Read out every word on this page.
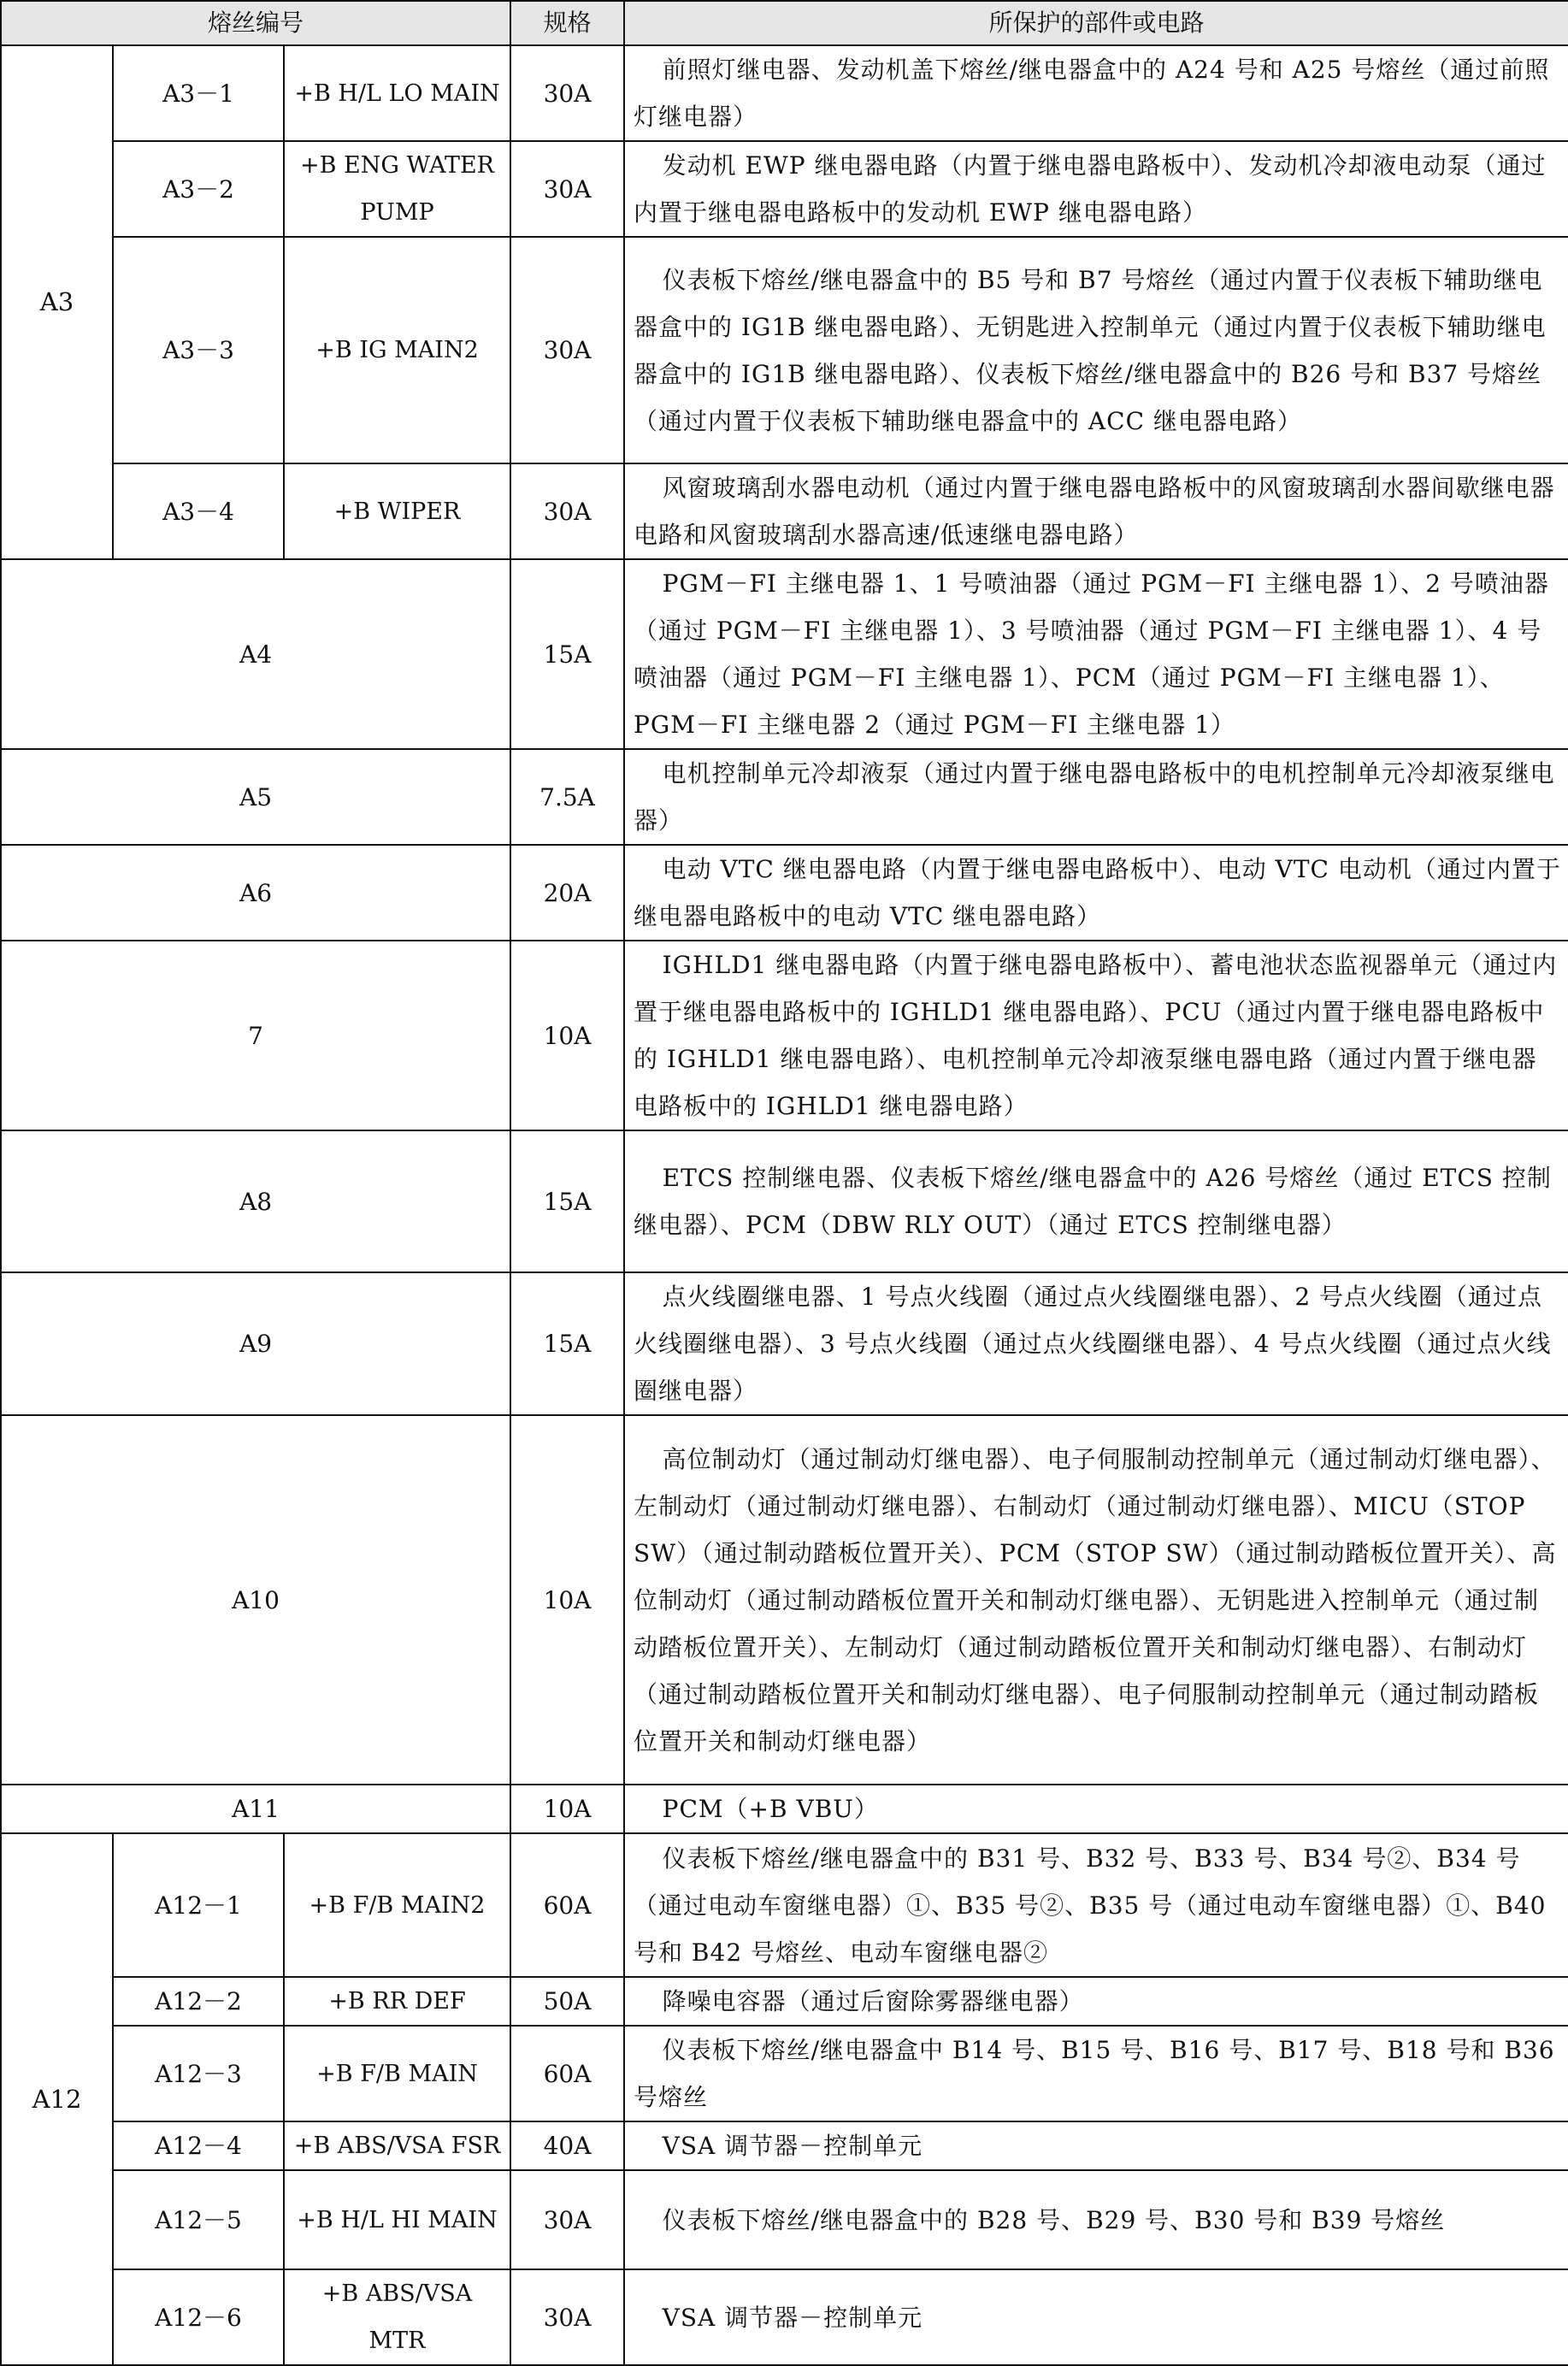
熔丝编号			规格	所保护的部件或电路
A3	A3－1	+B H/L LO MAIN	30A	前照灯继电器、发动机盖下熔丝/继电器盒中的 A24 号和 A25 号熔丝（通过前照灯继电器）
	A3－2	+B ENG WATER PUMP	30A	发动机 EWP 继电器电路（内置于继电器电路板中）、发动机冷却液电动泵（通过内置于继电器电路板中的发动机 EWP 继电器电路）
	A3－3	+B IG MAIN2	30A	仪表板下熔丝/继电器盒中的 B5 号和 B7 号熔丝（通过内置于仪表板下辅助继电器盒中的 IG1B 继电器电路）、无钥匙进入控制单元（通过内置于仪表板下辅助继电器盒中的 IG1B 继电器电路）、仪表板下熔丝/继电器盒中的 B26 号和 B37 号熔丝（通过内置于仪表板下辅助继电器盒中的 ACC 继电器电路）
	A3－4	+B WIPER	30A	风窗玻璃刮水器电动机（通过内置于继电器电路板中的风窗玻璃刮水器间歇继电器电路和风窗玻璃刮水器高速/低速继电器电路）
A4			15A	PGM－FI 主继电器 1、1 号喷油器（通过 PGM－FI 主继电器 1）、2 号喷油器（通过 PGM－FI 主继电器 1）、3 号喷油器（通过 PGM－FI 主继电器 1）、4 号喷油器（通过 PGM－FI 主继电器 1）、PCM（通过 PGM－FI 主继电器 1）、PGM－FI 主继电器 2（通过 PGM－FI 主继电器 1）
A5			7.5A	电机控制单元冷却液泵（通过内置于继电器电路板中的电机控制单元冷却液泵继电器）
A6			20A	电动 VTC 继电器电路（内置于继电器电路板中）、电动 VTC 电动机（通过内置于继电器电路板中的电动 VTC 继电器电路）
7			10A	IGHLD1 继电器电路（内置于继电器电路板中）、蓄电池状态监视器单元（通过内置于继电器电路板中的 IGHLD1 继电器电路）、PCU（通过内置于继电器电路板中的 IGHLD1 继电器电路）、电机控制单元冷却液泵继电器电路（通过内置于继电器电路板中的 IGHLD1 继电器电路）
A8			15A	ETCS 控制继电器、仪表板下熔丝/继电器盒中的 A26 号熔丝（通过 ETCS 控制继电器）、PCM（DBW RLY OUT）（通过 ETCS 控制继电器）
A9			15A	点火线圈继电器、1 号点火线圈（通过点火线圈继电器）、2 号点火线圈（通过点火线圈继电器）、3 号点火线圈（通过点火线圈继电器）、4 号点火线圈（通过点火线圈继电器）
A10			10A	高位制动灯（通过制动灯继电器）、电子伺服制动控制单元（通过制动灯继电器）、左制动灯（通过制动灯继电器）、右制动灯（通过制动灯继电器）、MICU（STOP SW）（通过制动踏板位置开关）、PCM（STOP SW）（通过制动踏板位置开关）、高位制动灯（通过制动踏板位置开关和制动灯继电器）、无钥匙进入控制单元（通过制动踏板位置开关）、左制动灯（通过制动踏板位置开关和制动灯继电器）、右制动灯（通过制动踏板位置开关和制动灯继电器）、电子伺服制动控制单元（通过制动踏板位置开关和制动灯继电器）
A11			10A	PCM（+B VBU）
A12	A12－1	+B F/B MAIN2	60A	仪表板下熔丝/继电器盒中的 B31 号、B32 号、B33 号、B34 号②、B34 号（通过电动车窗继电器）①、B35 号②、B35 号（通过电动车窗继电器）①、B40 号和 B42 号熔丝、电动车窗继电器②
	A12－2	+B RR DEF	50A	降噪电容器（通过后窗除雾器继电器）
	A12－3	+B F/B MAIN	60A	仪表板下熔丝/继电器盒中 B14 号、B15 号、B16 号、B17 号、B18 号和 B36 号熔丝
	A12－4	+B ABS/VSA FSR	40A	VSA 调节器－控制单元
	A12－5	+B H/L HI MAIN	30A	仪表板下熔丝/继电器盒中的 B28 号、B29 号、B30 号和 B39 号熔丝
	A12－6	+B ABS/VSA MTR	30A	VSA 调节器－控制单元
